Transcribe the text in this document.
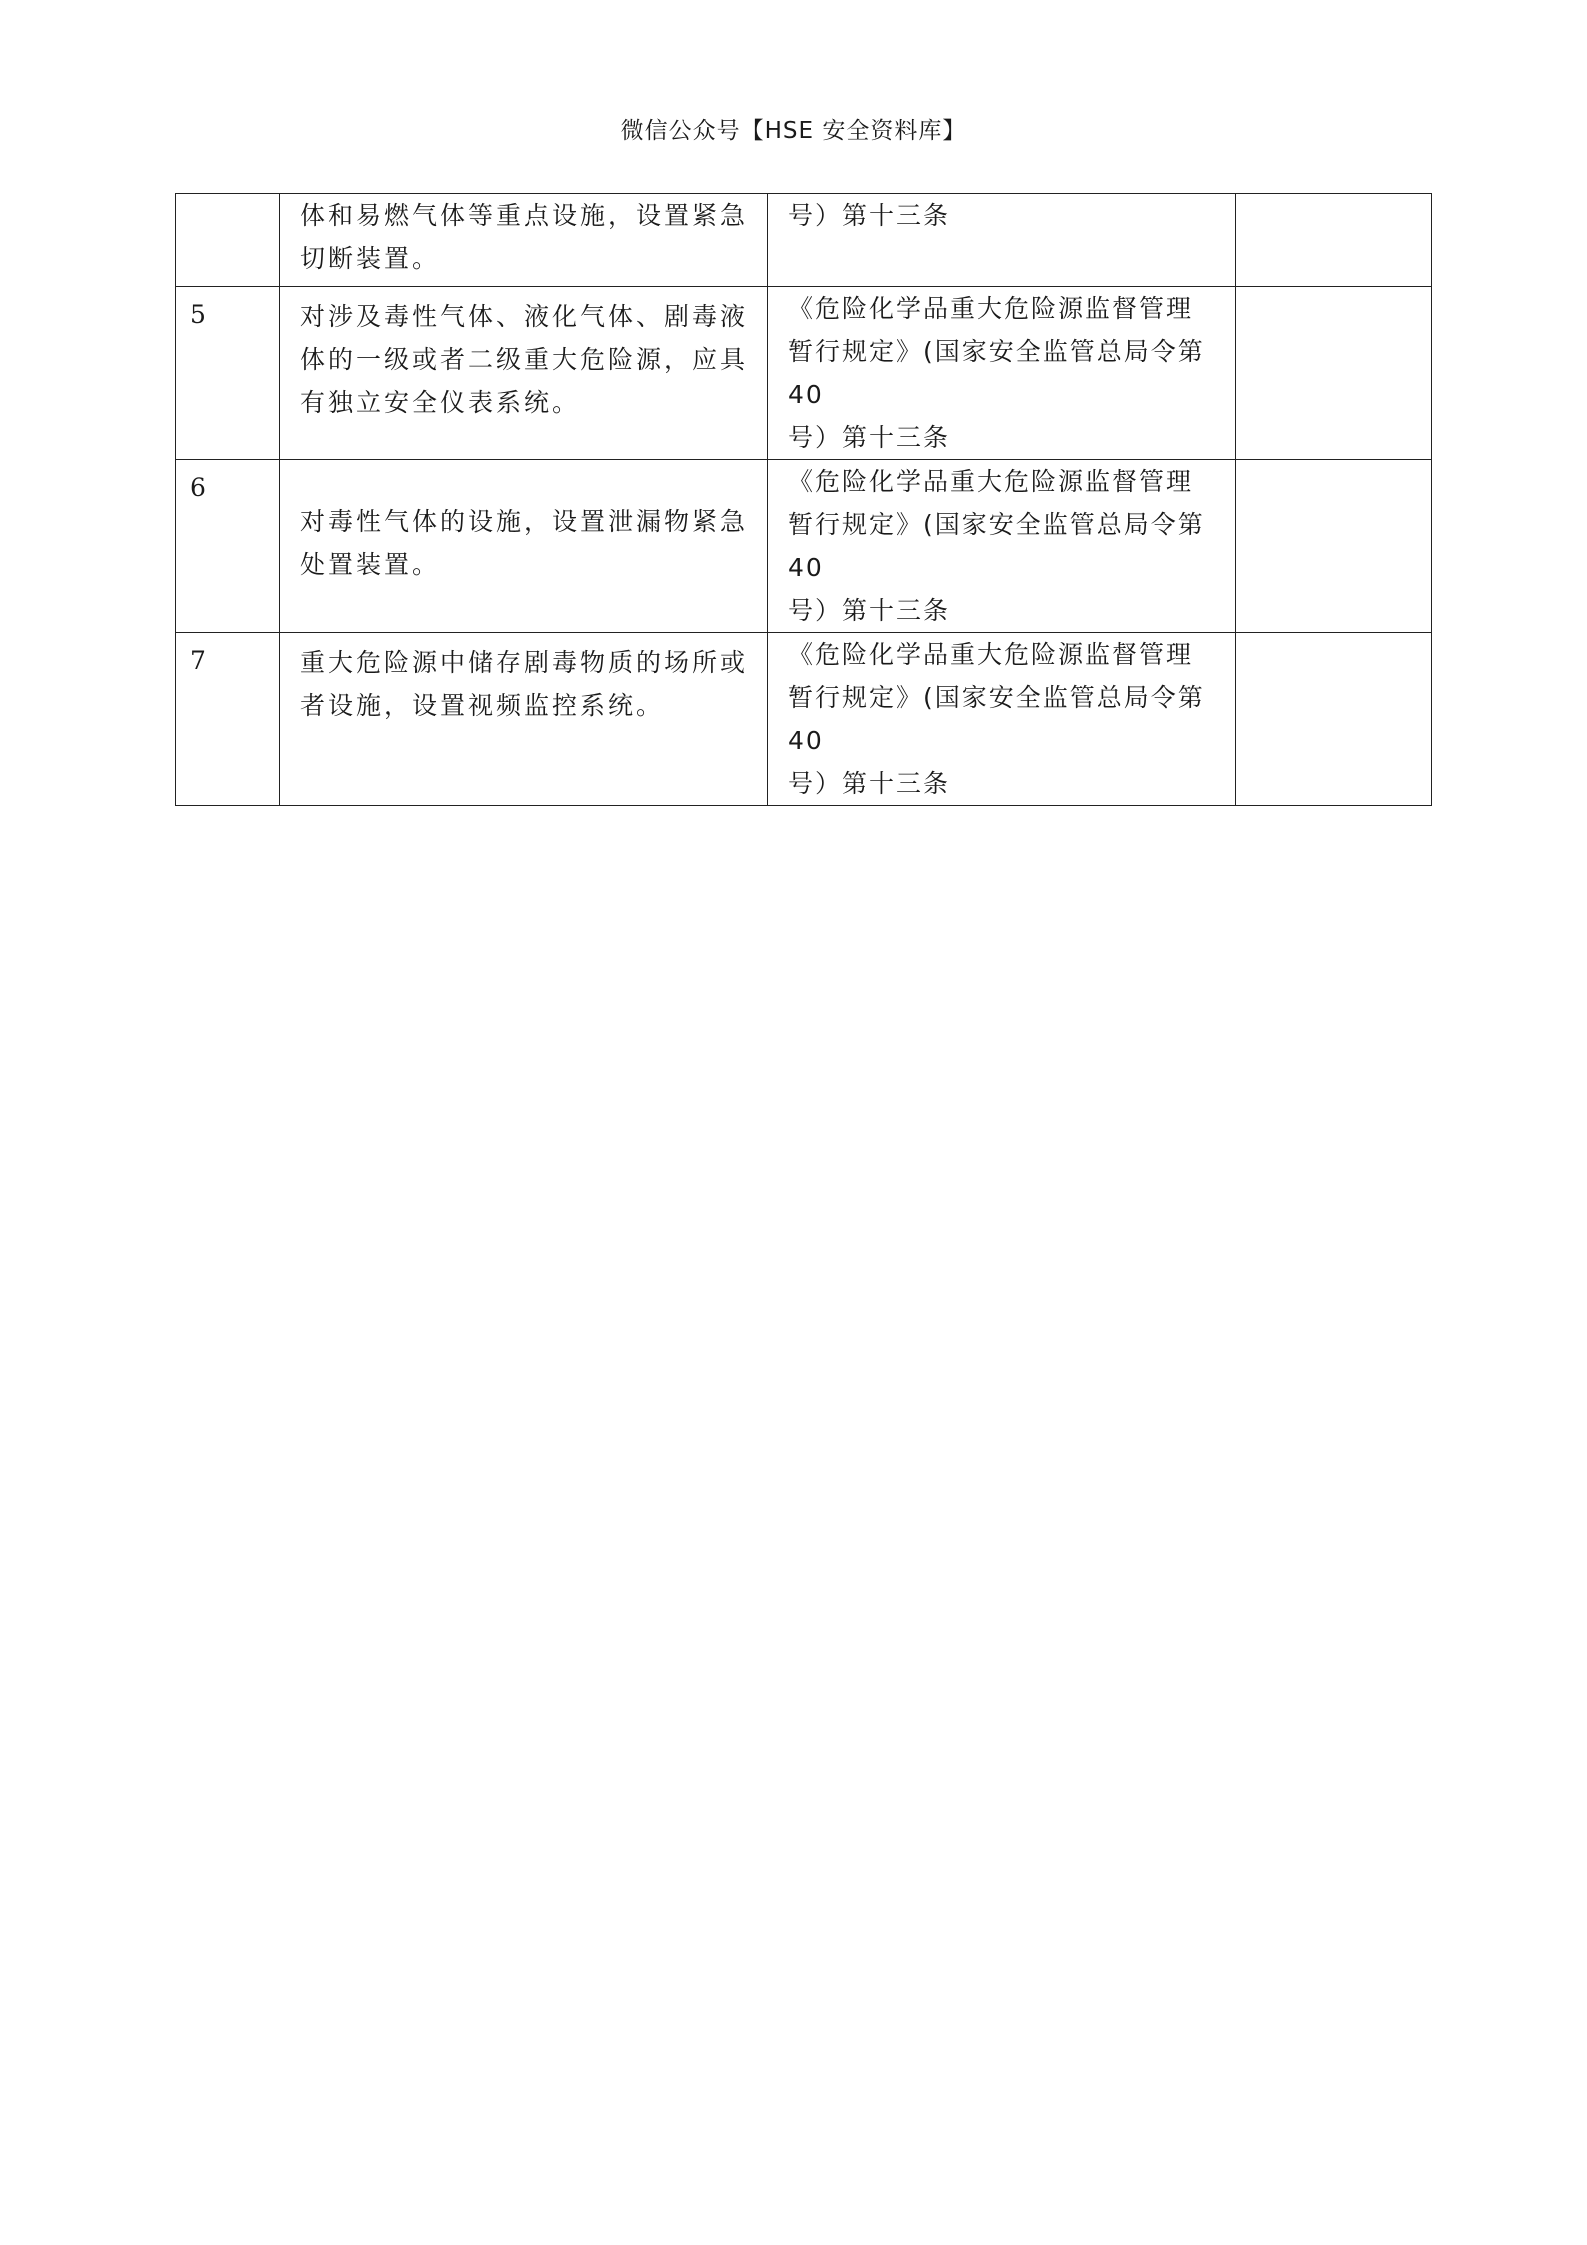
微信公众号【HSE 安全资料库】

	体和易燃气体等重点设施，设置紧急
切断装置。	号）第十三条	

5	对涉及毒性气体、液化气体、剧毒液
体的一级或者二级重大危险源，应具
有独立安全仪表系统。	《危险化学品重大危险源监督管理
暂行规定》(国家安全监管总局令第 40
号）第十三条	

6	对毒性气体的设施，设置泄漏物紧急
处置装置。	《危险化学品重大危险源监督管理
暂行规定》(国家安全监管总局令第 40
号）第十三条	

7	重大危险源中储存剧毒物质的场所或
者设施，设置视频监控系统。	《危险化学品重大危险源监督管理
暂行规定》(国家安全监管总局令第 40
号）第十三条	
